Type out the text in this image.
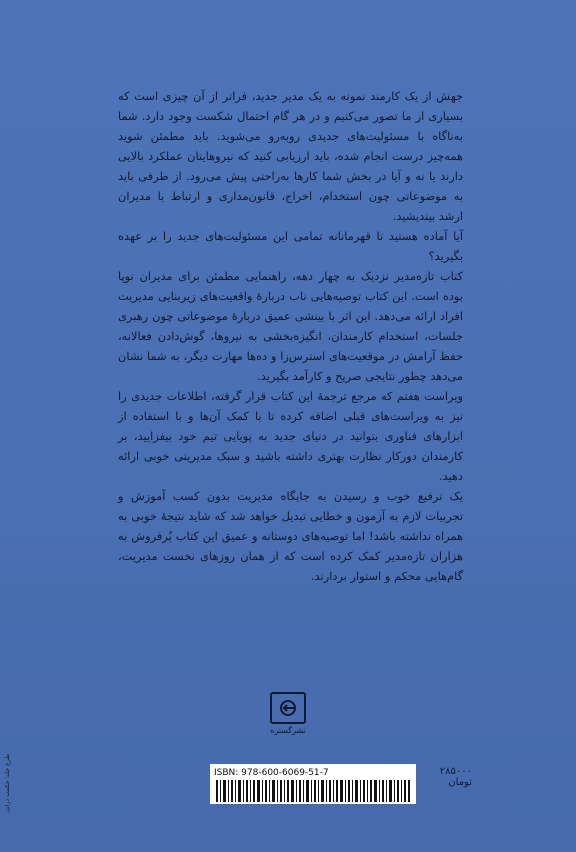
جهش از یک کارمند نمونه به یک مدیر جدید، فراتر از آن چیزی است که بسیاری از ما تصور می‌کنیم و در هر گام احتمال شکست وجود دارد. شما به‌ناگاه با مسئولیت‌های جدیدی روبه‌رو می‌شوید. باید مطمئن شوید همه‌چیز درست انجام شده، باید ارزیابی کنید که نیروهایتان عملکرد بالایی دارند یا نه و آیا در بخش شما کارها به‌راحتی پیش می‌رود. از طرفی باید به موضوعاتی چون استخدام، اخراج، قانون‌مداری و ارتباط با مدیران ارشد بیندیشید.

آیا آماده هستید تا قهرمانانه تمامی این مسئولیت‌های جدید را بر عهده بگیرید؟

کتاب تازه‌مدیر نزدیک به چهار دهه، راهنمایی مطمئن برای مدیران نوپا بوده است. این کتاب توصیه‌هایی ناب درباره‌ٔ واقعیت‌های زیربنایی مدیریت افراد ارائه می‌دهد. این اثر با بینشی عمیق درباره‌ٔ موضوعاتی چون رهبری جلسات، استخدام کارمندان، انگیزه‌بخشی به نیروها، گوش‌دادن فعالانه، حفظ آرامش در موقعیت‌های استرس‌زا و ده‌ها مهارت دیگر، به شما نشان می‌دهد چطور نتایجی صریح و کارآمد بگیرید.

ویراست هفتم که مرجع ترجمهٔ این کتاب قرار گرفته، اطلاعات جدیدی را نیز به ویراست‌های قبلی اضافه کرده تا با کمک آن‌ها و با استفاده از ابزارهای فناوری بتوانید در دنیای جدید به پویایی تیم خود بیفزایید، بر کارمندان دورکار نظارت بهتری داشته باشید و سبک مدیریتی خوبی ارائه دهید.

یک ترفیع خوب و رسیدن به جایگاه مدیریت بدون کسب آموزش و تجربیات لازم به آزمون و خطایی تبدیل خواهد شد که شاید نتیجهٔ خوبی به همراه نداشته باشد! اما توصیه‌های دوستانه و عمیق این کتاب پُرفروش به هزاران تازه‌مدیر کمک کرده است که از همان روزهای نخست مدیریت، گام‌هایی محکم و استوار بردارند.

نشرگستره
ISBN: 978-600-6069-51-7	۲۸۵۰۰۰ تومان
طرح جلد: حکمت درانی
